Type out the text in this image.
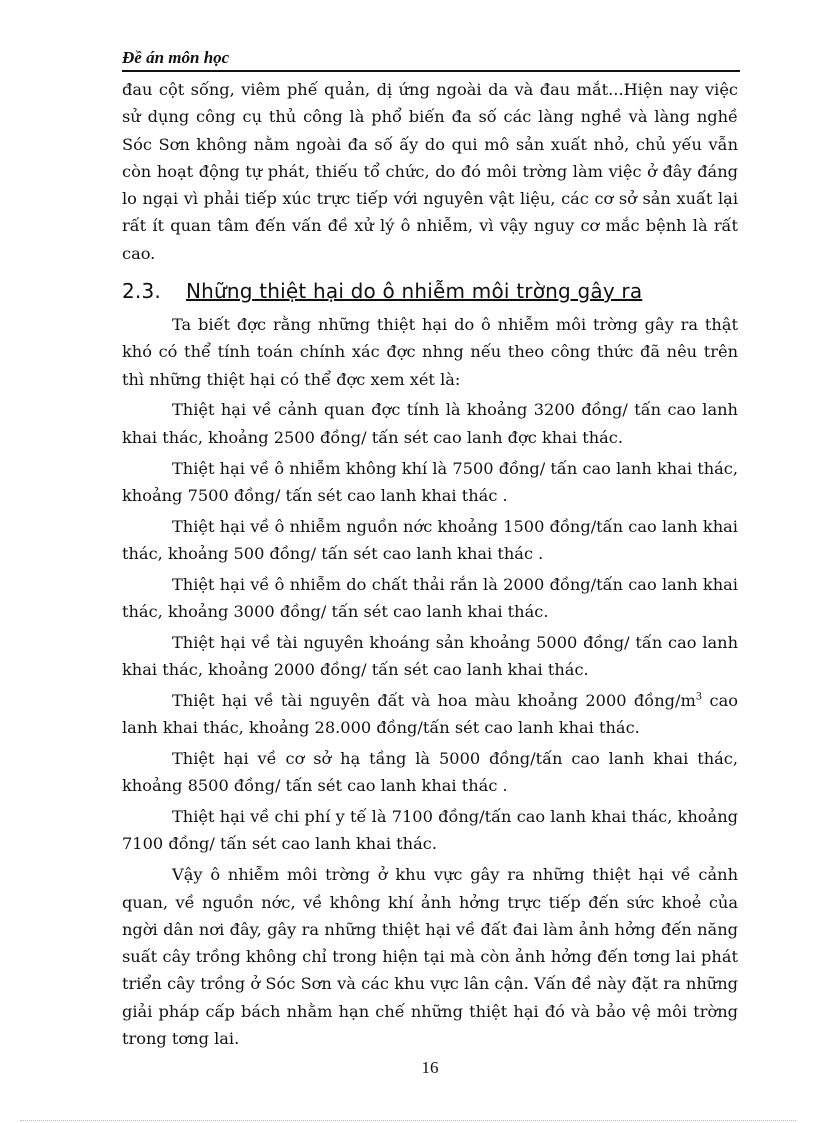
Đề án môn học

đau cột sống, viêm phế quản, dị ứng ngoài da và đau mắt...Hiện nay việc sử dụng công cụ thủ công là phổ biến đa số các làng nghề và làng nghề Sóc Sơn không nằm ngoài đa số ấy do qui mô sản xuất nhỏ, chủ yếu vẫn còn hoạt động tự phát, thiếu tổ chức, do đó môi trờng làm việc ở đây đáng lo ngại vì phải tiếp xúc trực tiếp với nguyên vật liệu, các cơ sở sản xuất lại rất ít quan tâm đến vấn đề xử lý ô nhiễm, vì vậy nguy cơ mắc bệnh là rất cao.

2.3. Những thiệt hại do ô nhiễm môi trờng gây ra

Ta biết đợc rằng những thiệt hại do ô nhiễm môi trờng gây ra thật khó có thể tính toán chính xác đợc nhng nếu theo công thức đã nêu trên thì những thiệt hại có thể đợc xem xét là:

Thiệt hại về cảnh quan đợc tính là khoảng 3200 đồng/ tấn cao lanh khai thác, khoảng 2500 đồng/ tấn sét cao lanh đợc khai thác.

Thiệt hại về ô nhiễm không khí là 7500 đồng/ tấn cao lanh khai thác, khoảng 7500 đồng/ tấn sét cao lanh khai thác .

Thiệt hại về ô nhiễm nguồn nớc khoảng 1500 đồng/tấn cao lanh khai thác, khoảng 500 đồng/ tấn sét cao lanh khai thác .

Thiệt hại về ô nhiễm do chất thải rắn là 2000 đồng/tấn cao lanh khai thác, khoảng 3000 đồng/ tấn sét cao lanh khai thác.

Thiệt hại về tài nguyên khoáng sản khoảng 5000 đồng/ tấn cao lanh khai thác, khoảng 2000 đồng/ tấn sét cao lanh khai thác.

Thiệt hại về tài nguyên đất và hoa màu khoảng 2000 đồng/$m^3$ cao lanh khai thác, khoảng 28.000 đồng/tấn sét cao lanh khai thác.

Thiệt hại về cơ sở hạ tầng là 5000 đồng/tấn cao lanh khai thác, khoảng 8500 đồng/ tấn sét cao lanh khai thác .

Thiệt hại về chi phí y tế là 7100 đồng/tấn cao lanh khai thác, khoảng 7100 đồng/ tấn sét cao lanh khai thác.

Vậy ô nhiễm môi trờng ở khu vực gây ra những thiệt hại về cảnh quan, về nguồn nớc, về không khí ảnh hởng trực tiếp đến sức khoẻ của ngời dân nơi đây, gây ra những thiệt hại về đất đai làm ảnh hởng đến năng suất cây trồng không chỉ trong hiện tại mà còn ảnh hởng đến tơng lai phát triển cây trồng ở Sóc Sơn và các khu vực lân cận. Vấn đề này đặt ra những giải pháp cấp bách nhằm hạn chế những thiệt hại đó và bảo vệ môi trờng trong tơng lai.

16
